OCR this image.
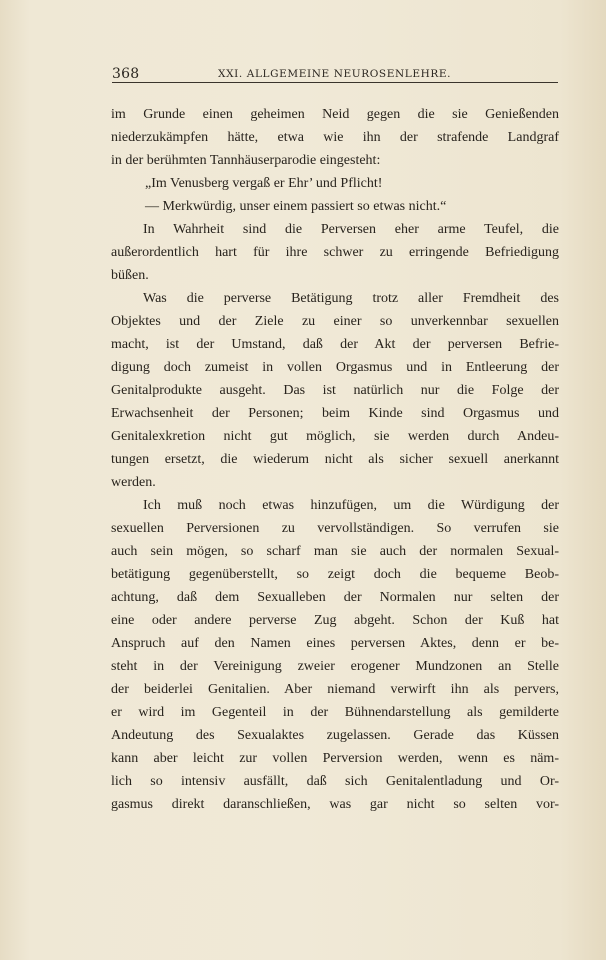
368	XXI. ALLGEMEINE NEUROSENLEHRE.
im Grunde einen geheimen Neid gegen die sie Genießenden
niederzukämpfen hätte, etwa wie ihn der strafende Landgraf
in der berühmten Tannhäuserparodie eingesteht:
„Im Venusberg vergaß er Ehr’ und Pflicht!
— Merkwürdig, unser einem passiert so etwas nicht.“
In Wahrheit sind die Perversen eher arme Teufel, die
außerordentlich hart für ihre schwer zu erringende Befriedigung
büßen.
Was die perverse Betätigung trotz aller Fremdheit des
Objektes und der Ziele zu einer so unverkennbar sexuellen
macht, ist der Umstand, daß der Akt der perversen Befrie-
digung doch zumeist in vollen Orgasmus und in Entleerung der
Genitalprodukte ausgeht. Das ist natürlich nur die Folge der
Erwachsenheit der Personen; beim Kinde sind Orgasmus und
Genitalexkretion nicht gut möglich, sie werden durch Andeu-
tungen ersetzt, die wiederum nicht als sicher sexuell anerkannt
werden.
Ich muß noch etwas hinzufügen, um die Würdigung der
sexuellen Perversionen zu vervollständigen. So verrufen sie
auch sein mögen, so scharf man sie auch der normalen Sexual-
betätigung gegenüberstellt, so zeigt doch die bequeme Beob-
achtung, daß dem Sexualleben der Normalen nur selten der
eine oder andere perverse Zug abgeht. Schon der Kuß hat
Anspruch auf den Namen eines perversen Aktes, denn er be-
steht in der Vereinigung zweier erogener Mundzonen an Stelle
der beiderlei Genitalien. Aber niemand verwirft ihn als pervers,
er wird im Gegenteil in der Bühnendarstellung als gemilderte
Andeutung des Sexualaktes zugelassen. Gerade das Küssen
kann aber leicht zur vollen Perversion werden, wenn es näm-
lich so intensiv ausfällt, daß sich Genitalentladung und Or-
gasmus direkt daranschließen, was gar nicht so selten vor-
